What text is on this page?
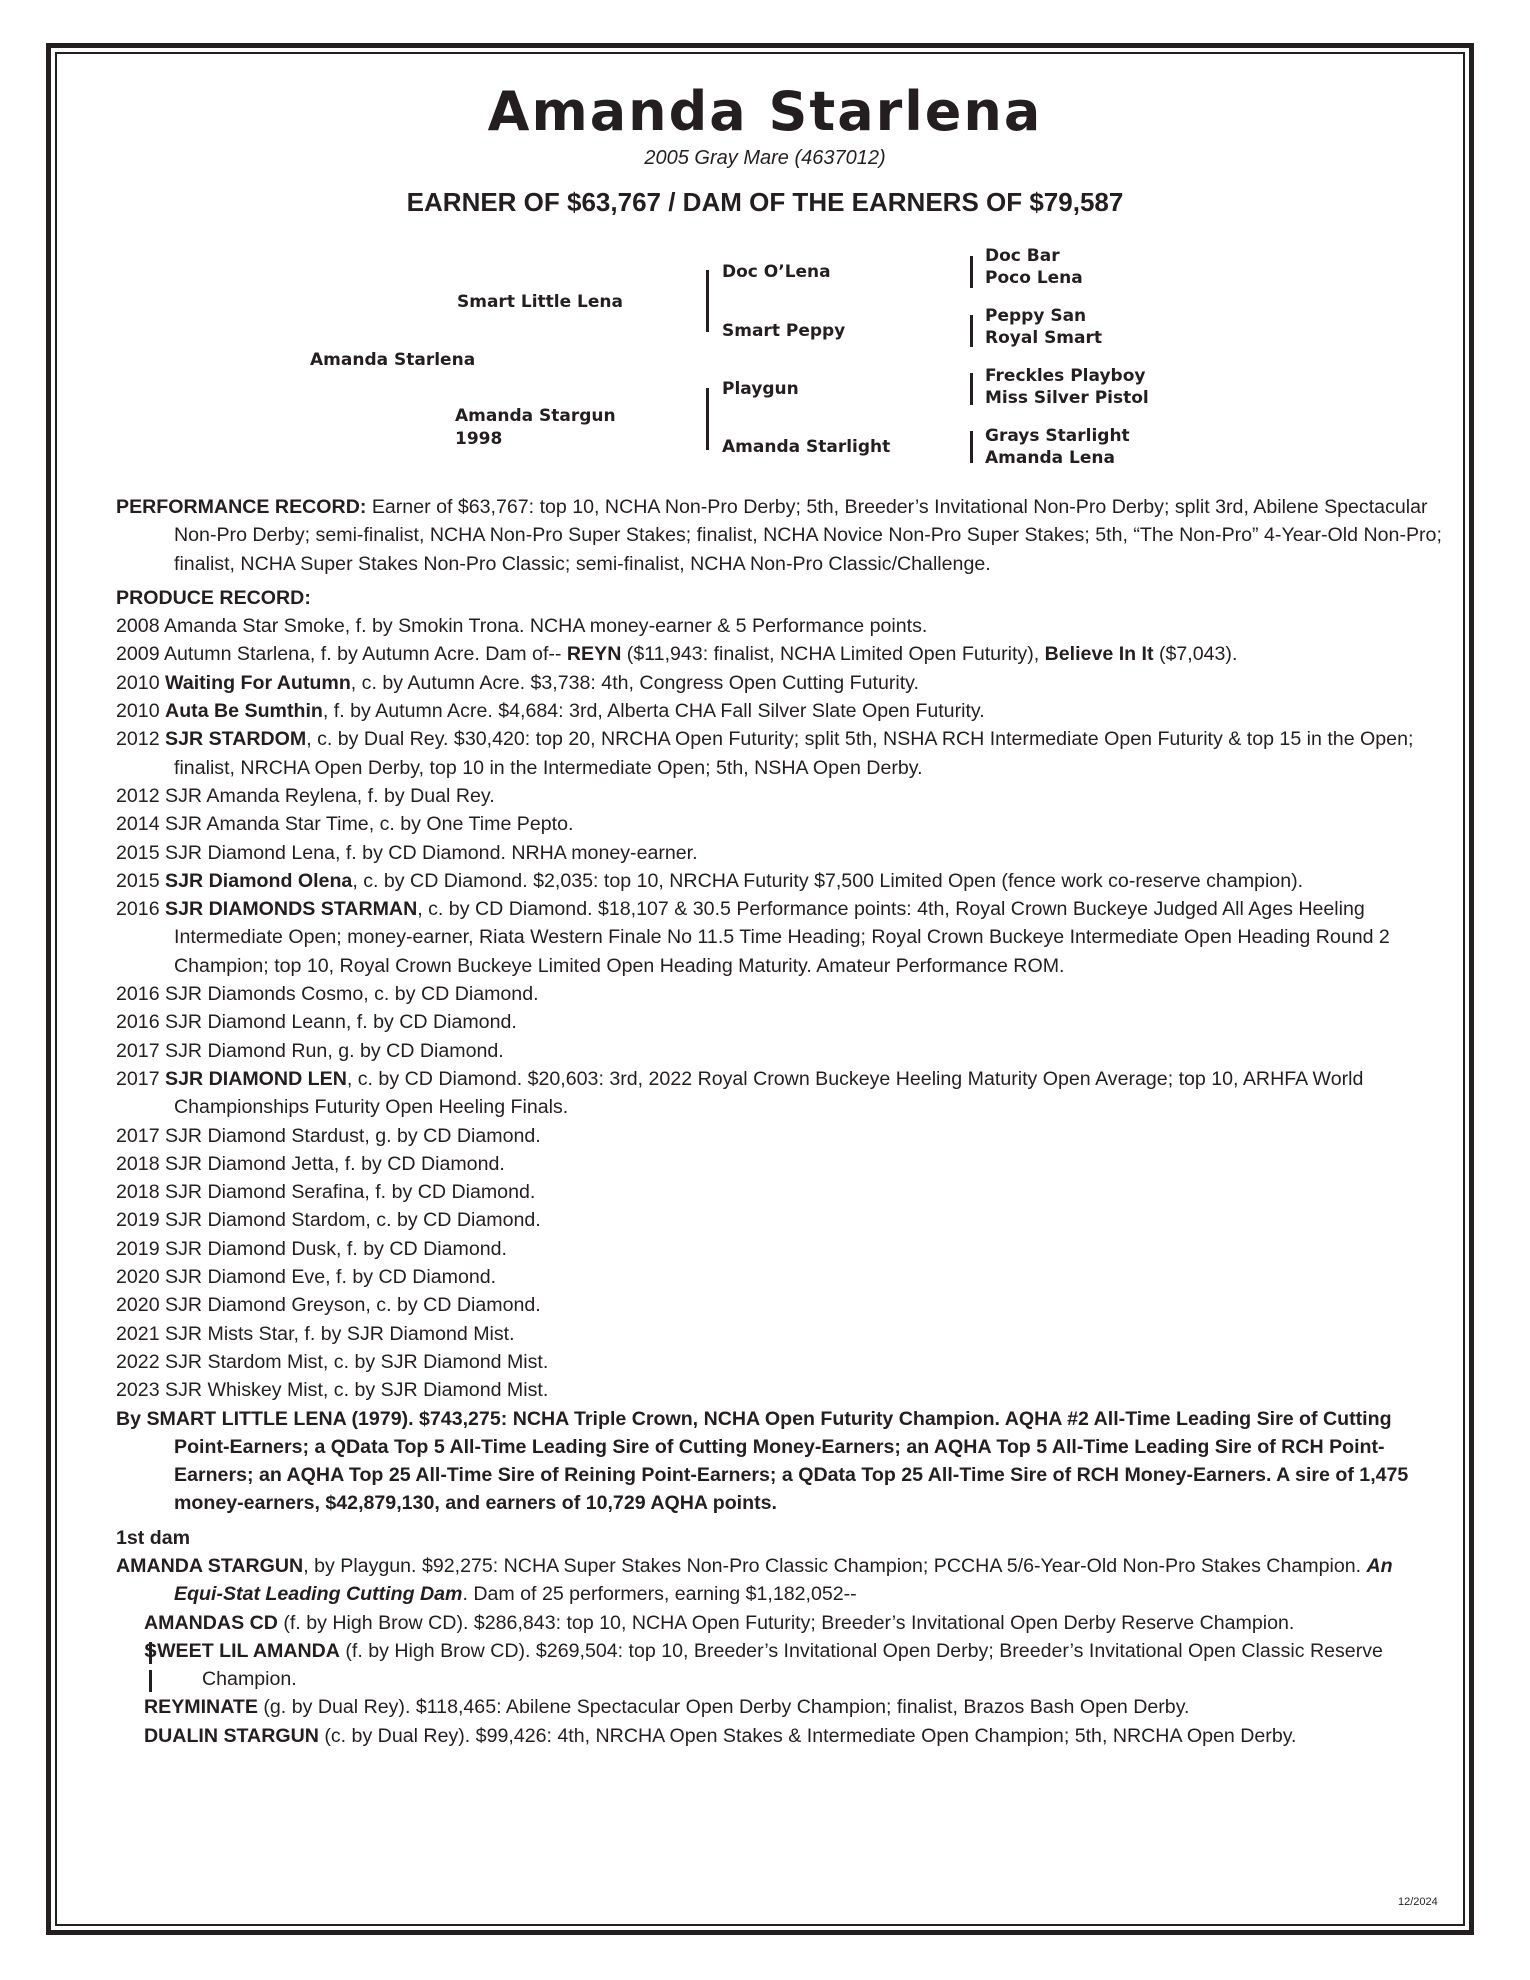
Amanda Starlena
2005 Gray Mare (4637012)
EARNER OF $63,767 / DAM OF THE EARNERS OF $79,587
Amanda Starlena
Smart Little Lena
Amanda Stargun
1998
Doc O’Lena
Smart Peppy
Playgun
Amanda Starlight
Doc Bar
Poco Lena
Peppy San
Royal Smart
Freckles Playboy
Miss Silver Pistol
Grays Starlight
Amanda Lena

PERFORMANCE RECORD: Earner of $63,767: top 10, NCHA Non-Pro Derby; 5th, Breeder’s Invitational Non-Pro Derby; split 3rd, Abilene Spectacular Non-Pro Derby; semi-finalist, NCHA Non-Pro Super Stakes; finalist, NCHA Novice Non-Pro Super Stakes; 5th, “The Non-Pro” 4-Year-Old Non-Pro; finalist, NCHA Super Stakes Non-Pro Classic; semi-finalist, NCHA Non-Pro Classic/Challenge.

PRODUCE RECORD:

2008 Amanda Star Smoke, f. by Smokin Trona. NCHA money-earner & 5 Performance points.

2009 Autumn Starlena, f. by Autumn Acre. Dam of-- REYN ($11,943: finalist, NCHA Limited Open Futurity), Believe In It ($7,043).

2010 Waiting For Autumn, c. by Autumn Acre. $3,738: 4th, Congress Open Cutting Futurity.

2010 Auta Be Sumthin, f. by Autumn Acre. $4,684: 3rd, Alberta CHA Fall Silver Slate Open Futurity.

2012 SJR STARDOM, c. by Dual Rey. $30,420: top 20, NRCHA Open Futurity; split 5th, NSHA RCH Intermediate Open Futurity & top 15 in the Open; finalist, NRCHA Open Derby, top 10 in the Intermediate Open; 5th, NSHA Open Derby.

2012 SJR Amanda Reylena, f. by Dual Rey.

2014 SJR Amanda Star Time, c. by One Time Pepto.

2015 SJR Diamond Lena, f. by CD Diamond. NRHA money-earner.

2015 SJR Diamond Olena, c. by CD Diamond. $2,035: top 10, NRCHA Futurity $7,500 Limited Open (fence work co-reserve champion).

2016 SJR DIAMONDS STARMAN, c. by CD Diamond. $18,107 & 30.5 Performance points: 4th, Royal Crown Buckeye Judged All Ages Heeling Intermediate Open; money-earner, Riata Western Finale No 11.5 Time Heading; Royal Crown Buckeye Intermediate Open Heading Round 2 Champion; top 10, Royal Crown Buckeye Limited Open Heading Maturity. Amateur Performance ROM.

2016 SJR Diamonds Cosmo, c. by CD Diamond.

2016 SJR Diamond Leann, f. by CD Diamond.

2017 SJR Diamond Run, g. by CD Diamond.

2017 SJR DIAMOND LEN, c. by CD Diamond. $20,603: 3rd, 2022 Royal Crown Buckeye Heeling Maturity Open Average; top 10, ARHFA World Championships Futurity Open Heeling Finals.

2017 SJR Diamond Stardust, g. by CD Diamond.

2018 SJR Diamond Jetta, f. by CD Diamond.

2018 SJR Diamond Serafina, f. by CD Diamond.

2019 SJR Diamond Stardom, c. by CD Diamond.

2019 SJR Diamond Dusk, f. by CD Diamond.

2020 SJR Diamond Eve, f. by CD Diamond.

2020 SJR Diamond Greyson, c. by CD Diamond.

2021 SJR Mists Star, f. by SJR Diamond Mist.

2022 SJR Stardom Mist, c. by SJR Diamond Mist.

2023 SJR Whiskey Mist, c. by SJR Diamond Mist.

By SMART LITTLE LENA (1979). $743,275: NCHA Triple Crown, NCHA Open Futurity Champion. AQHA #2 All-Time Leading Sire of Cutting Point-Earners; a QData Top 5 All-Time Leading Sire of Cutting Money-Earners; an AQHA Top 5 All-Time Leading Sire of RCH Point-Earners; an AQHA Top 25 All-Time Sire of Reining Point-Earners; a QData Top 25 All-Time Sire of RCH Money-Earners. A sire of 1,475 money-earners, $42,879,130, and earners of 10,729 AQHA points.

1st dam

AMANDA STARGUN, by Playgun. $92,275: NCHA Super Stakes Non-Pro Classic Champion; PCCHA 5/6-Year-Old Non-Pro Stakes Champion. An Equi-Stat Leading Cutting Dam. Dam of 25 performers, earning $1,182,052--

AMANDAS CD (f. by High Brow CD). $286,843: top 10, NCHA Open Futurity; Breeder’s Invitational Open Derby Reserve Champion.

SWEET LIL AMANDA (f. by High Brow CD). $269,504: top 10, Breeder’s Invitational Open Derby; Breeder’s Invitational Open Classic Reserve Champion.

REYMINATE (g. by Dual Rey). $118,465: Abilene Spectacular Open Derby Champion; finalist, Brazos Bash Open Derby.

DUALIN STARGUN (c. by Dual Rey). $99,426: 4th, NRCHA Open Stakes & Intermediate Open Champion; 5th, NRCHA Open Derby.

12/2024
